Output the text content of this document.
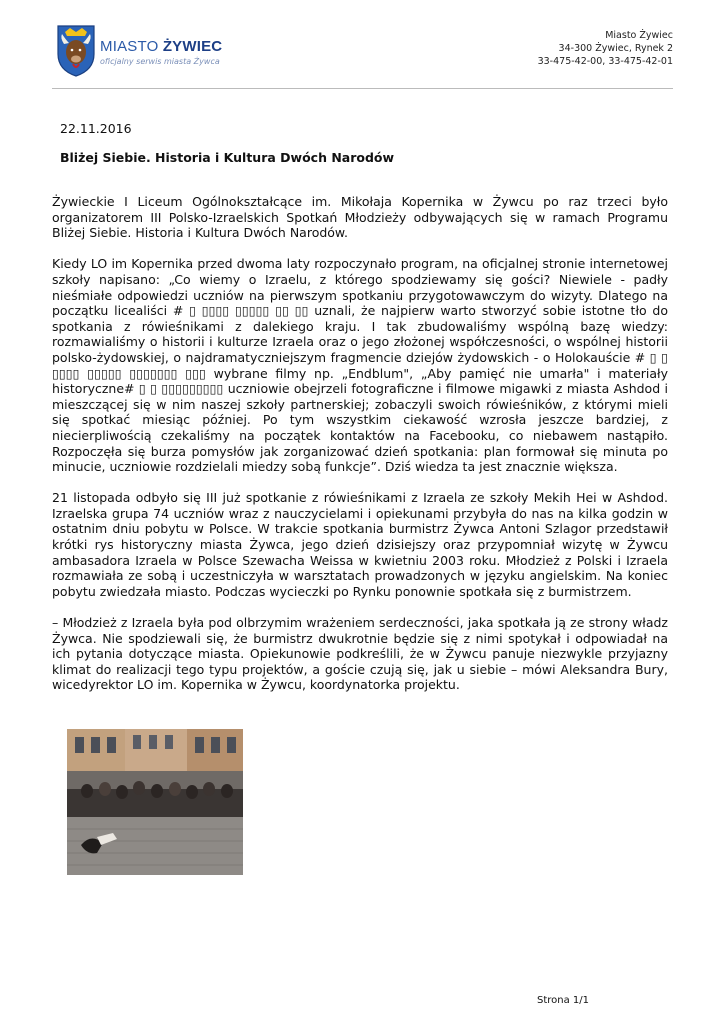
MIASTO ŻYWIEC
oficjalny serwis miasta Żywca
Miasto Żywiec
34-300 Żywiec, Rynek 2
33-475-42-00, 33-475-42-01
22.11.2016
Bliżej Siebie. Historia i Kultura Dwóch Narodów

Żywieckie I Liceum Ogólnokształcące im. Mikołaja Kopernika w Żywcu po raz trzeci było organizatorem III Polsko-Izraelskich Spotkań Młodzieży odbywających się w ramach Programu Bliżej Siebie. Historia i Kultura Dwóch Narodów.

Kiedy LO im Kopernika przed dwoma laty rozpoczynało program, na oficjalnej stronie internetowej szkoły napisano: „Co wiemy o Izraelu, z którego spodziewamy się gości? Niewiele - padły nieśmiałe odpowiedzi uczniów na pierwszym spotkaniu przygotowawczym do wizyty. Dlatego na początku licealiści # ▯ ▯▯▯▯ ▯▯▯▯▯ ▯▯ ▯▯ uznali, że najpierw warto stworzyć sobie istotne tło do spotkania z rówieśnikami z dalekiego kraju. I tak zbudowaliśmy wspólną bazę wiedzy: rozmawialiśmy o historii i kulturze Izraela oraz o jego złożonej współczesności, o wspólnej historii polsko-żydowskiej, o najdramatyczniejszym fragmencie dziejów żydowskich - o Holokauście # ▯ ▯ ▯▯▯▯ ▯▯▯▯▯ ▯▯▯▯▯▯▯ ▯▯▯ wybrane filmy np. „Endblum", „Aby pamięć nie umarła" i materiały historyczne# ▯ ▯ ▯▯▯▯▯▯▯▯▯ uczniowie obejrzeli fotograficzne i filmowe migawki z miasta Ashdod i mieszczącej się w nim naszej szkoły partnerskiej; zobaczyli swoich rówieśników, z którymi mieli się spotkać miesiąc później. Po tym wszystkim ciekawość wzrosła jeszcze bardziej, z niecierpliwością czekaliśmy na początek kontaktów na Facebooku, co niebawem nastąpiło. Rozpoczęła się burza pomysłów jak zorganizować dzień spotkania: plan formował się minuta po minucie, uczniowie rozdzielali miedzy sobą funkcje”. Dziś wiedza ta jest znacznie większa.

21 listopada odbyło się III już spotkanie z rówieśnikami z Izraela ze szkoły Mekih Hei w Ashdod. Izraelska grupa 74 uczniów wraz z nauczycielami i opiekunami przybyła do nas na kilka godzin w ostatnim dniu pobytu w Polsce. W trakcie spotkania burmistrz Żywca Antoni Szlagor przedstawił krótki rys historyczny miasta Żywca, jego dzień dzisiejszy oraz przypomniał wizytę w Żywcu ambasadora Izraela w Polsce Szewacha Weissa w kwietniu 2003 roku. Młodzież z Polski i Izraela rozmawiała ze sobą i uczestniczyła w warsztatach prowadzonych w języku angielskim. Na koniec pobytu zwiedzała miasto. Podczas wycieczki po Rynku ponownie spotkała się z burmistrzem.

– Młodzież z Izraela była pod olbrzymim wrażeniem serdeczności, jaka spotkała ją ze strony władz Żywca. Nie spodziewali się, że burmistrz dwukrotnie będzie się z nimi spotykał i odpowiadał na ich pytania dotyczące miasta. Opiekunowie podkreślili, że w Żywcu panuje niezwykle przyjazny klimat do realizacji tego typu projektów, a goście czują się, jak u siebie – mówi Aleksandra Bury, wicedyrektor LO im. Kopernika w Żywcu, koordynatorka projektu.

Strona 1/1
